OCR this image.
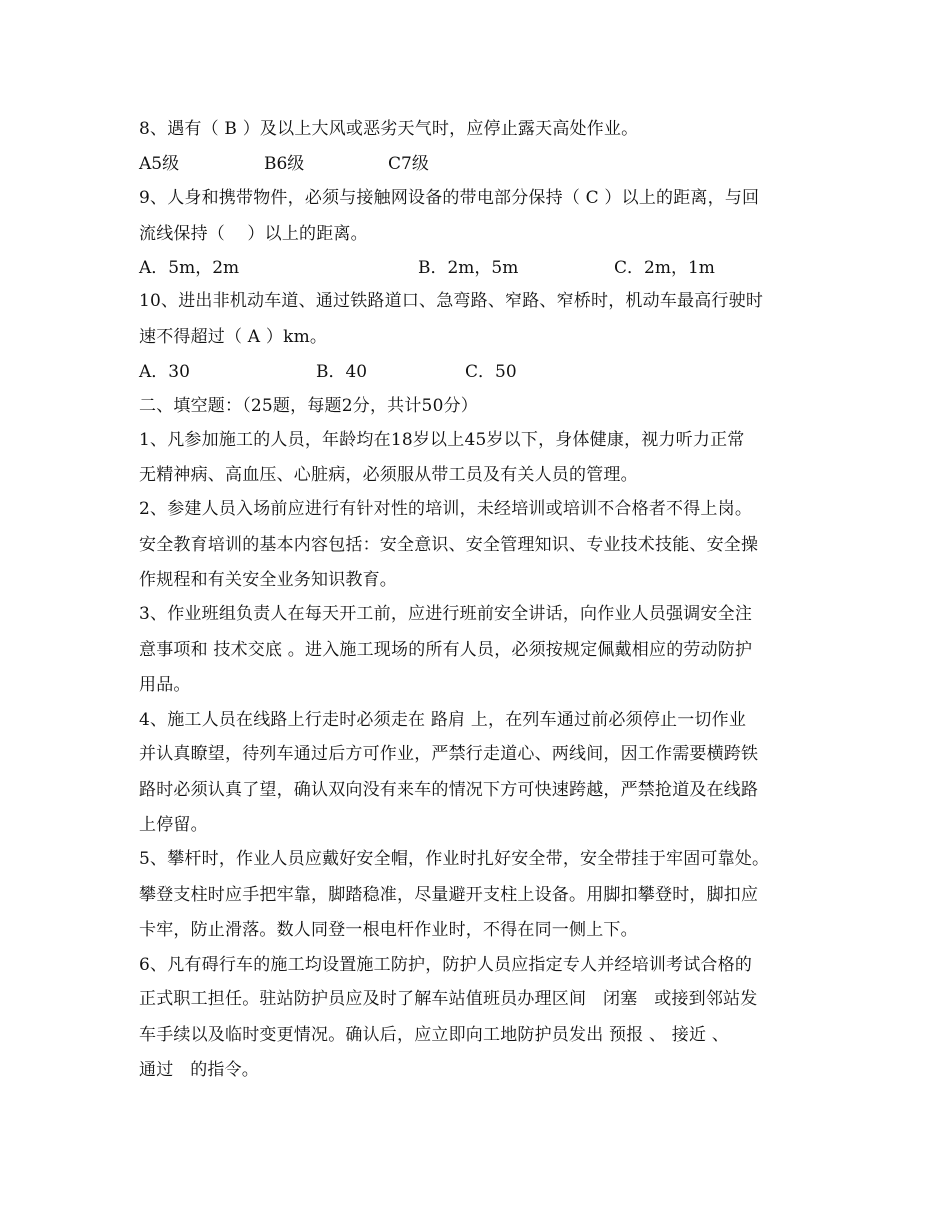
8、遇有（ B ）及以上大风或恶劣天气时，应停止露天高处作业。
A5级	B6级	C7级
9、人身和携带物件，必须与接触网设备的带电部分保持（ C ）以上的距离，与回
流线保持（    ）以上的距离。
A．5m，2m	B．2m，5m	C．2m，1m
10、进出非机动车道、通过铁路道口、急弯路、窄路、窄桥时，机动车最高行驶时
速不得超过（ A ）km。
A．30	B．40	C．50
二、填空题：（25题，每题2分，共计50分）
1、凡参加施工的人员，年龄均在18岁以上45岁以下，身体健康，视力听力正常
无精神病、高血压、心脏病，必须服从带工员及有关人员的管理。
2、参建人员入场前应进行有针对性的培训，未经培训或培训不合格者不得上岗。
安全教育培训的基本内容包括：安全意识、安全管理知识、专业技术技能、安全操
作规程和有关安全业务知识教育。
3、作业班组负责人在每天开工前，应进行班前安全讲话，向作业人员强调安全注
意事项和 技术交底 。进入施工现场的所有人员，必须按规定佩戴相应的劳动防护
用品。
4、施工人员在线路上行走时必须走在 路肩 上，在列车通过前必须停止一切作业
并认真瞭望，待列车通过后方可作业，严禁行走道心、两线间，因工作需要横跨铁
路时必须认真了望，确认双向没有来车的情况下方可快速跨越，严禁抢道及在线路
上停留。
5、攀杆时，作业人员应戴好安全帽，作业时扎好安全带，安全带挂于牢固可靠处。
攀登支柱时应手把牢靠，脚踏稳准，尽量避开支柱上设备。用脚扣攀登时，脚扣应
卡牢，防止滑落。数人同登一根电杆作业时，不得在同一侧上下。
6、凡有碍行车的施工均设置施工防护，防护人员应指定专人并经培训考试合格的
正式职工担任。驻站防护员应及时了解车站值班员办理区间   闭塞   或接到邻站发
车手续以及临时变更情况。确认后，应立即向工地防护员发出 预报 、 接近 、
通过   的指令。
